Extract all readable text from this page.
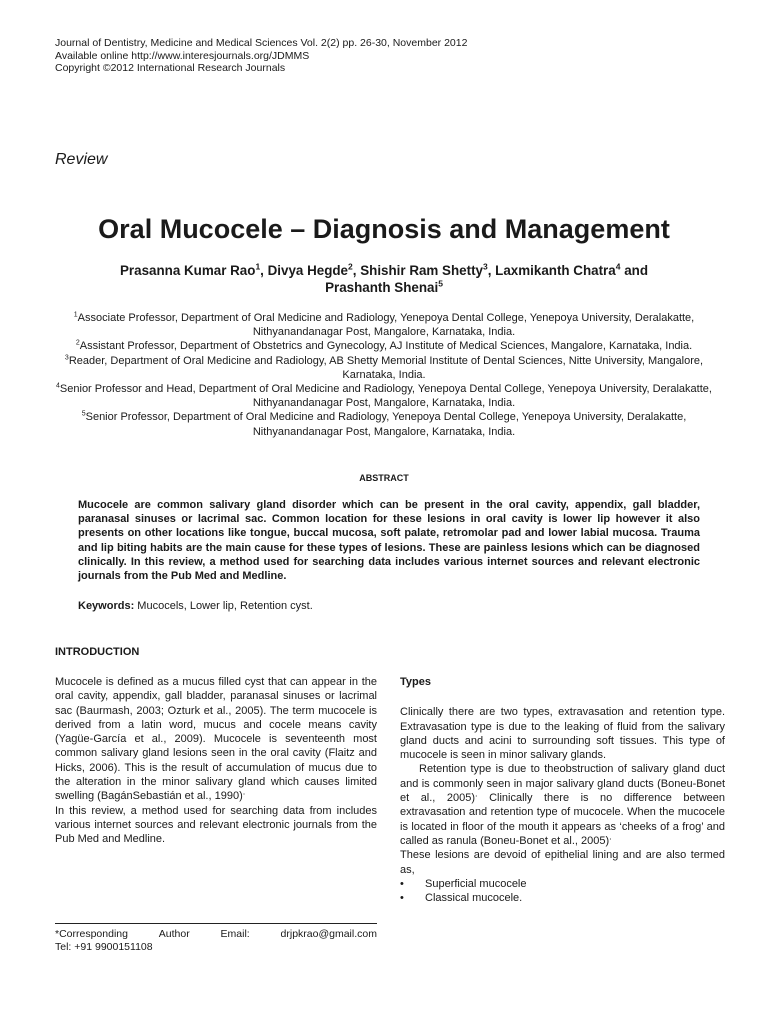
Journal of Dentistry, Medicine and Medical Sciences Vol. 2(2) pp. 26-30, November 2012
Available online http://www.interesjournals.org/JDMMS
Copyright ©2012 International Research Journals
Review
Oral Mucocele – Diagnosis and Management
Prasanna Kumar Rao$^1$, Divya Hegde$^2$, Shishir Ram Shetty$^3$, Laxmikanth Chatra$^4$ and
Prashanth Shenai$^5$
$^1$Associate Professor, Department of Oral Medicine and Radiology, Yenepoya Dental College, Yenepoya University, Deralakatte, Nithyanandanagar Post, Mangalore, Karnataka, India.
$^2$Assistant Professor, Department of Obstetrics and Gynecology, AJ Institute of Medical Sciences, Mangalore, Karnataka, India.
$^3$Reader, Department of Oral Medicine and Radiology, AB Shetty Memorial Institute of Dental Sciences, Nitte University, Mangalore, Karnataka, India.
$^4$Senior Professor and Head, Department of Oral Medicine and Radiology, Yenepoya Dental College, Yenepoya University, Deralakatte, Nithyanandanagar Post, Mangalore, Karnataka, India.
$^5$Senior Professor, Department of Oral Medicine and Radiology, Yenepoya Dental College, Yenepoya University, Deralakatte, Nithyanandanagar Post, Mangalore, Karnataka, India.
ABSTRACT
Mucocele are common salivary gland disorder which can be present in the oral cavity, appendix, gall bladder, paranasal sinuses or lacrimal sac. Common location for these lesions in oral cavity is lower lip however it also presents on other locations like tongue, buccal mucosa, soft palate, retromolar pad and lower labial mucosa. Trauma and lip biting habits are the main cause for these types of lesions. These are painless lesions which can be diagnosed clinically. In this review, a method used for searching data includes various internet sources and relevant electronic journals from the Pub Med and Medline.
Keywords: Mucocels, Lower lip, Retention cyst.
INTRODUCTION
Mucocele is defined as a mucus filled cyst that can appear in the oral cavity, appendix, gall bladder, paranasal sinuses or lacrimal sac (Baurmash, 2003; Ozturk et al., 2005). The term mucocele is derived from a latin word, mucus and cocele means cavity (Yagüe-García et al., 2009). Mucocele is seventeenth most common salivary gland lesions seen in the oral cavity (Flaitz and Hicks, 2006). This is the result of accumulation of mucus due to the alteration in the minor salivary gland which causes limited swelling (BagánSebastián et al., 1990).
In this review, a method used for searching data from includes various internet sources and relevant electronic journals from the Pub Med and Medline.
*Corresponding	Author	Email:	drjpkrao@gmail.com
Tel: +91 9900151108
Types

Clinically there are two types, extravasation and retention type. Extravasation type is due to the leaking of fluid from the salivary gland ducts and acini to surrounding soft tissues. This type of mucocele is seen in minor salivary glands.

Retention type is due to theobstruction of salivary gland duct and is commonly seen in major salivary gland ducts (Boneu-Bonet et al., 2005). Clinically there is no difference between extravasation and retention type of mucocele. When the mucocele is located in floor of the mouth it appears as ‘cheeks of a frog’ and called as ranula (Boneu-Bonet et al., 2005).

These lesions are devoid of epithelial lining and are also termed as,

• Superficial mucocele
• Classical mucocele.
